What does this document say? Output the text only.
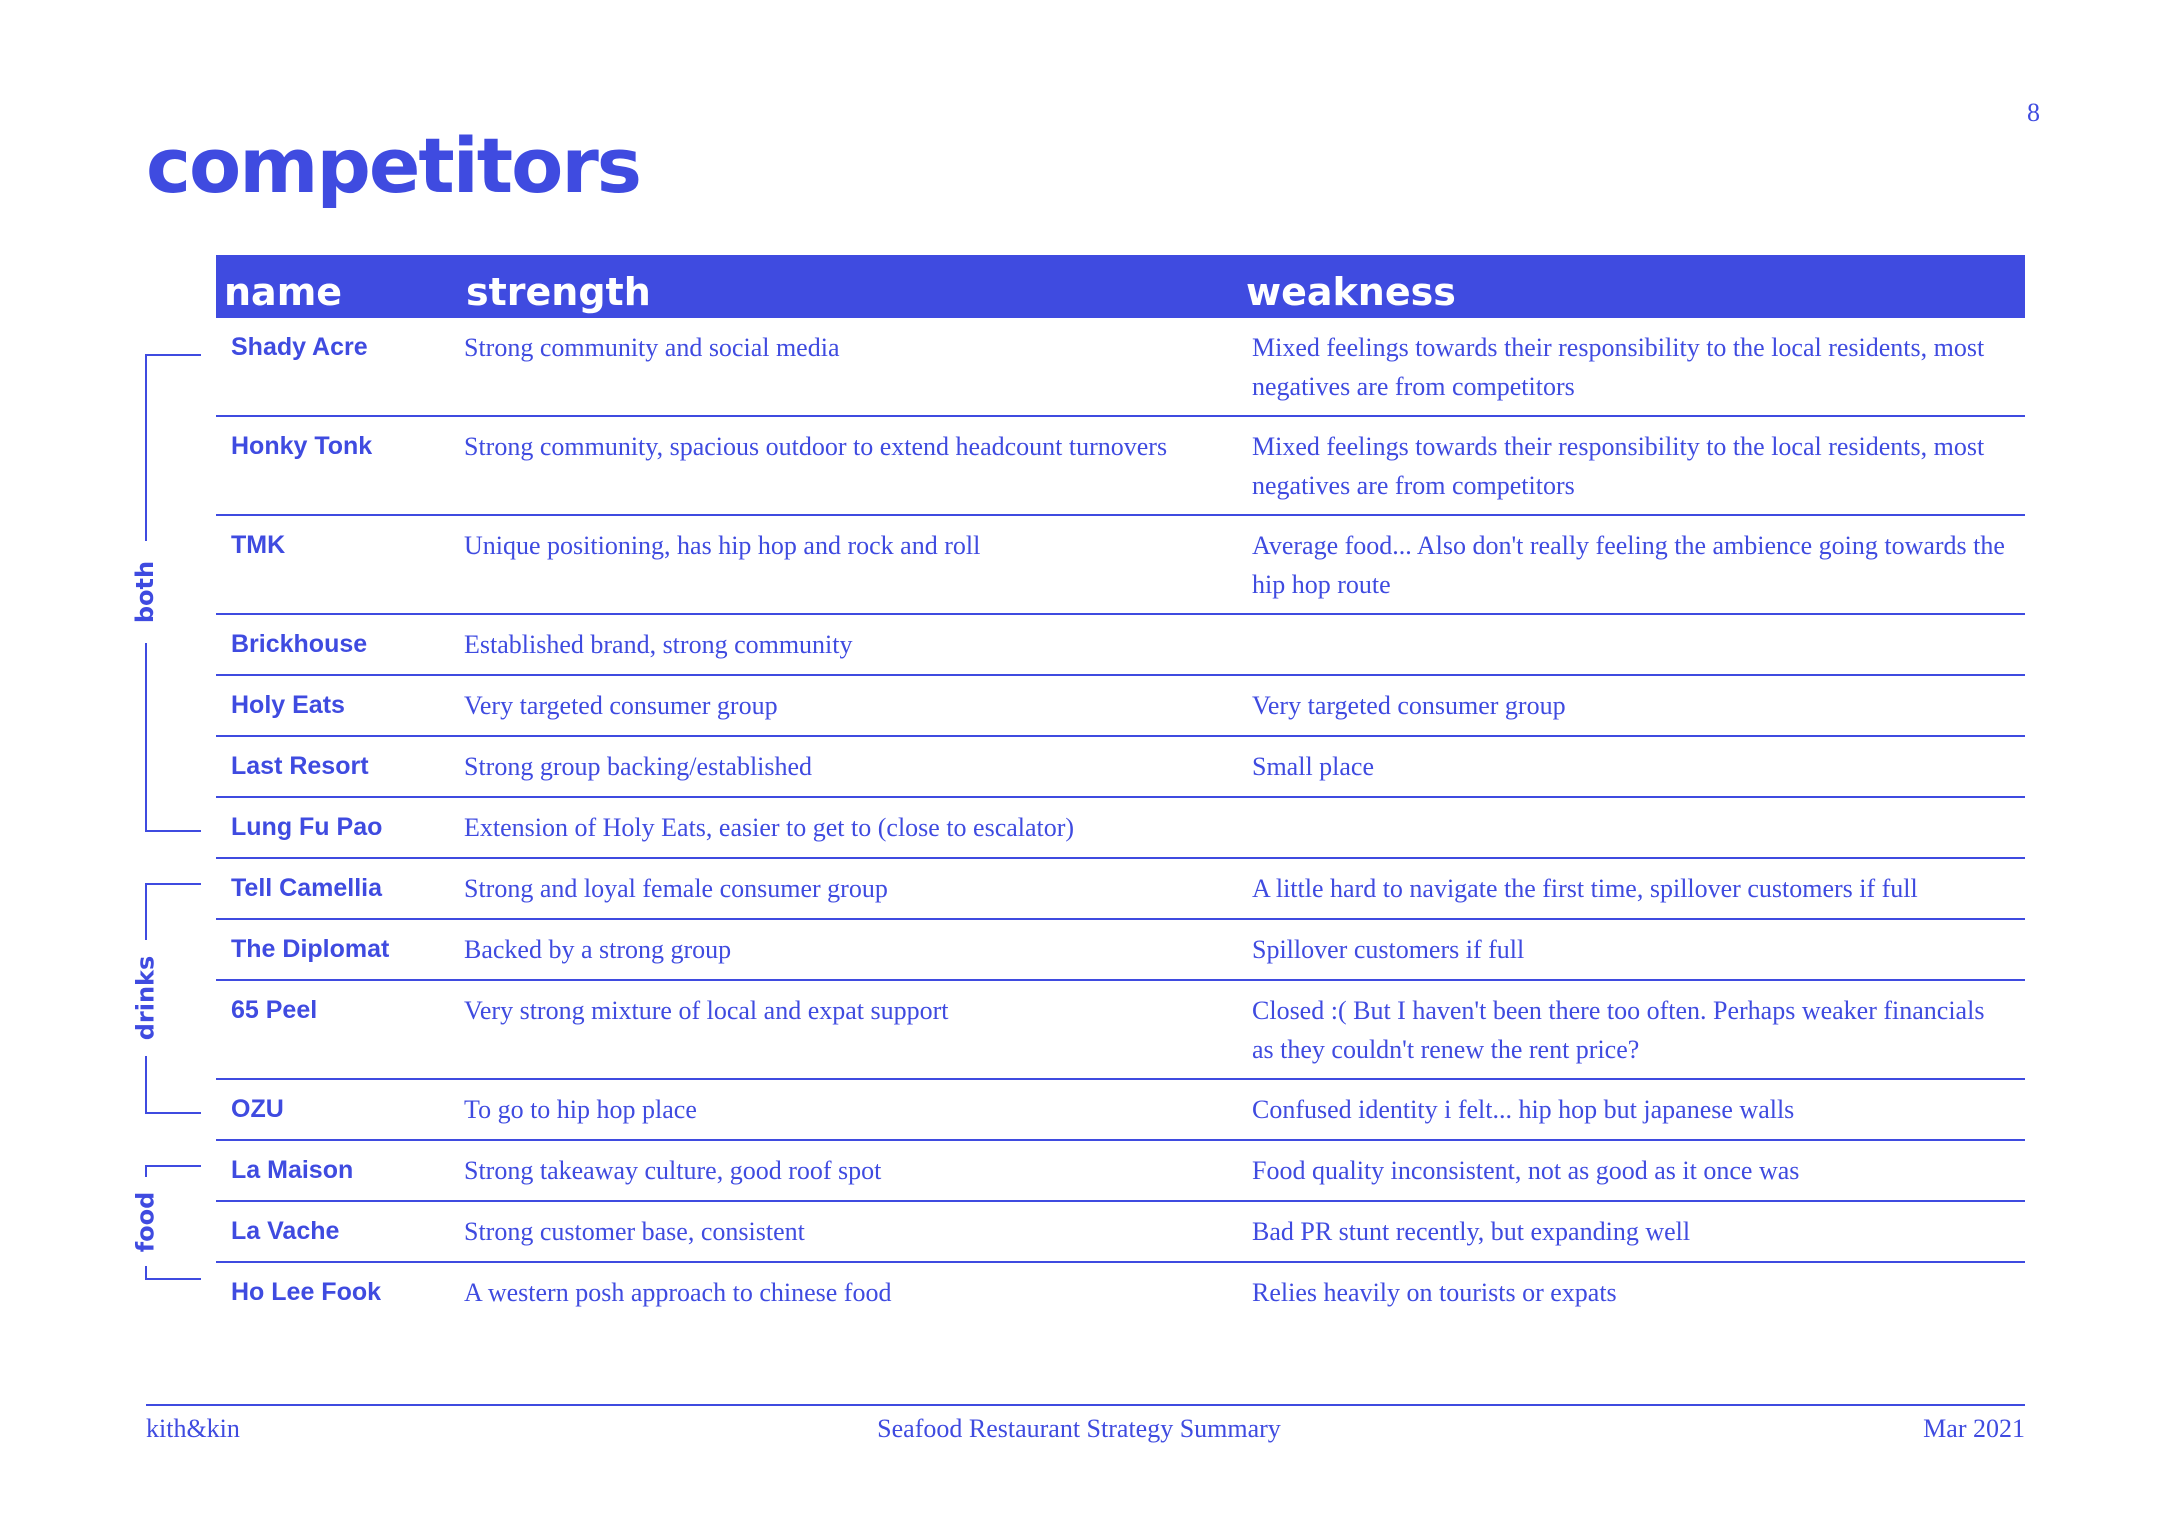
8
competitors
both
drinks
food
name	strength	weakness
Shady Acre	Strong community and social media	Mixed feelings towards their responsibility to the local residents, most negatives are from competitors
Honky Tonk	Strong community, spacious outdoor to extend headcount turnovers	Mixed feelings towards their responsibility to the local residents, most negatives are from competitors
TMK	Unique positioning, has hip hop and rock and roll	Average food... Also don't really feeling the ambience going towards the hip hop route
Brickhouse	Established brand, strong community
Holy Eats	Very targeted consumer group	Very targeted consumer group
Last Resort	Strong group backing/established	Small place
Lung Fu Pao	Extension of Holy Eats, easier to get to (close to escalator)
Tell Camellia	Strong and loyal female consumer group	A little hard to navigate the first time, spillover customers if full
The Diplomat	Backed by a strong group	Spillover customers if full
65 Peel	Very strong mixture of local and expat support	Closed :( But I haven't been there too often. Perhaps weaker financials as they couldn't renew the rent price?
OZU	To go to hip hop place	Confused identity i felt... hip hop but japanese walls
La Maison	Strong takeaway culture, good roof spot	Food quality inconsistent, not as good as it once was
La Vache	Strong customer base, consistent	Bad PR stunt recently, but expanding well
Ho Lee Fook	A western posh approach to chinese food	Relies heavily on tourists or expats
kith&kin	Seafood Restaurant Strategy Summary	Mar 2021
